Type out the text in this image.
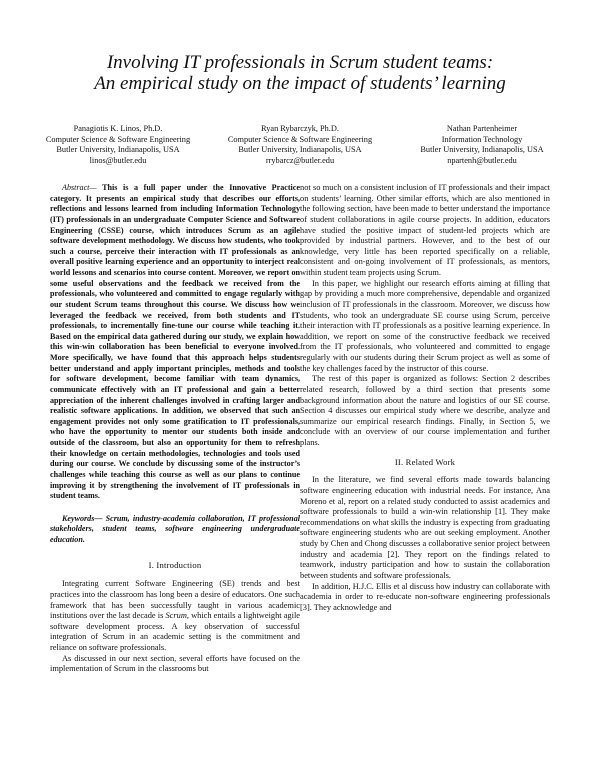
Involving IT professionals in Scrum student teams:
An empirical study on the impact of students’ learning
Panagiotis K. Linos, Ph.D.
Computer Science & Software Engineering
Butler University, Indianapolis, USA
linos@butler.edu
Ryan Rybarczyk, Ph.D.
Computer Science & Software Engineering
Butler University, Indianapolis, USA
rrybarcz@butler.edu
Nathan Partenheimer
Information Technology
Butler University, Indianapolis, USA
npartenh@butler.edu

Abstract— This is a full paper under the Innovative Practice category. It presents an empirical study that describes our efforts, reflections and lessons learned from including Information Technology (IT) professionals in an undergraduate Computer Science and Software Engineering (CSSE) course, which introduces Scrum as an agile software development methodology. We discuss how students, who took such a course, perceive their interaction with IT professionals as an overall positive learning experience and an opportunity to interject real world lessons and scenarios into course content. Moreover, we report on some useful observations and the feedback we received from the professionals, who volunteered and committed to engage regularly with our student Scrum teams throughout this course. We discuss how we leveraged the feedback we received, from both students and IT professionals, to incrementally fine-tune our course while teaching it. Based on the empirical data gathered during our study, we explain how this win-win collaboration has been beneficial to everyone involved. More specifically, we have found that this approach helps students better understand and apply important principles, methods and tools for software development, become familiar with team dynamics, communicate effectively with an IT professional and gain a better appreciation of the inherent challenges involved in crafting larger and realistic software applications. In addition, we observed that such an engagement provides not only some gratification to IT professionals, who have the opportunity to mentor our students both inside and outside of the classroom, but also an opportunity for them to refresh their knowledge on certain methodologies, technologies and tools used during our course. We conclude by discussing some of the instructor’s challenges while teaching this course as well as our plans to continue improving it by strengthening the involvement of IT professionals in student teams.

Keywords— Scrum, industry-academia collaboration, IT professional stakeholders, student teams, software engineering undergraduate education.

I. Introduction

Integrating current Software Engineering (SE) trends and best practices into the classroom has long been a desire of educators. One such framework that has been successfully taught in various academic institutions over the last decade is Scrum, which entails a lightweight agile software development process. A key observation of successful integration of Scrum in an academic setting is the commitment and reliance on software professionals.

As discussed in our next section, several efforts have focused on the implementation of Scrum in the classrooms but

not so much on a consistent inclusion of IT professionals and their impact on students’ learning. Other similar efforts, which are also mentioned in the following section, have been made to better understand the importance of student collaborations in agile course projects. In addition, educators have studied the positive impact of student-led projects which are provided by industrial partners. However, and to the best of our knowledge, very little has been reported specifically on a reliable, consistent and on-going involvement of IT professionals, as mentors, within student team projects using Scrum.

In this paper, we highlight our research efforts aiming at filling that gap by providing a much more comprehensive, dependable and organized inclusion of IT professionals in the classroom. Moreover, we discuss how students, who took an undergraduate SE course using Scrum, perceive their interaction with IT professionals as a positive learning experience. In addition, we report on some of the constructive feedback we received from the IT professionals, who volunteered and committed to engage regularly with our students during their Scrum project as well as some of the key challenges faced by the instructor of this course.

The rest of this paper is organized as follows: Section 2 describes related research, followed by a third section that presents some background information about the nature and logistics of our SE course. Section 4 discusses our empirical study where we describe, analyze and summarize our empirical research findings. Finally, in Section 5, we conclude with an overview of our course implementation and further plans.

II. Related Work

In the literature, we find several efforts made towards balancing software engineering education with industrial needs. For instance, Ana Moreno et al, report on a related study conducted to assist academics and software professionals to build a win-win relationship [1]. They make recommendations on what skills the industry is expecting from graduating software engineering students who are out seeking employment. Another study by Chen and Chong discusses a collaborative senior project between industry and academia [2]. They report on the findings related to teamwork, industry participation and how to sustain the collaboration between students and software professionals.

In addition, H.J.C. Ellis et al discuss how industry can collaborate with academia in order to re-educate non-software engineering professionals [3]. They acknowledge and
